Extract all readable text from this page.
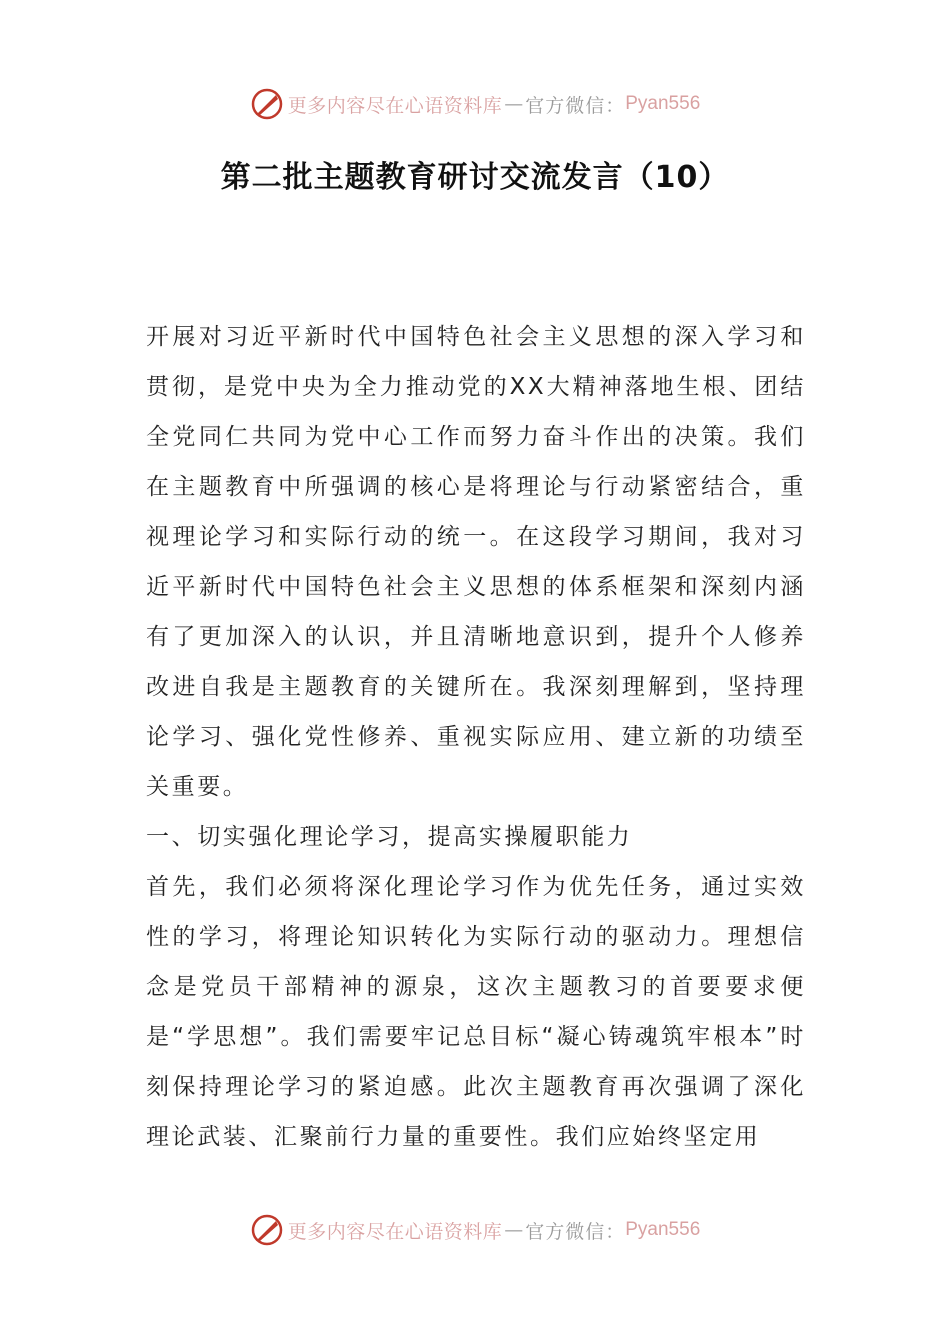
更多内容尽在心语资料库 — 官方微信： Pyan556
第二批主题教育研讨交流发言（10）

开展对习近平新时代中国特色社会主义思想的深入学习和贯彻，是党中央为全力推动党的XX大精神落地生根、团结全党同仁共同为党中心工作而努力奋斗作出的决策。我们在主题教育中所强调的核心是将理论与行动紧密结合，重视理论学习和实际行动的统一。在这段学习期间，我对习近平新时代中国特色社会主义思想的体系框架和深刻内涵有了更加深入的认识，并且清晰地意识到，提升个人修养改进自我是主题教育的关键所在。我深刻理解到，坚持理论学习、强化党性修养、重视实际应用、建立新的功绩至关重要。

一、切实强化理论学习，提高实操履职能力

首先，我们必须将深化理论学习作为优先任务，通过实效性的学习，将理论知识转化为实际行动的驱动力。理想信念是党员干部精神的源泉，这次主题教习的首要要求便是“学思想”。我们需要牢记总目标“凝心铸魂筑牢根本”时刻保持理论学习的紧迫感。此次主题教育再次强调了深化理论武装、汇聚前行力量的重要性。我们应始终坚定用

更多内容尽在心语资料库 — 官方微信： Pyan556
